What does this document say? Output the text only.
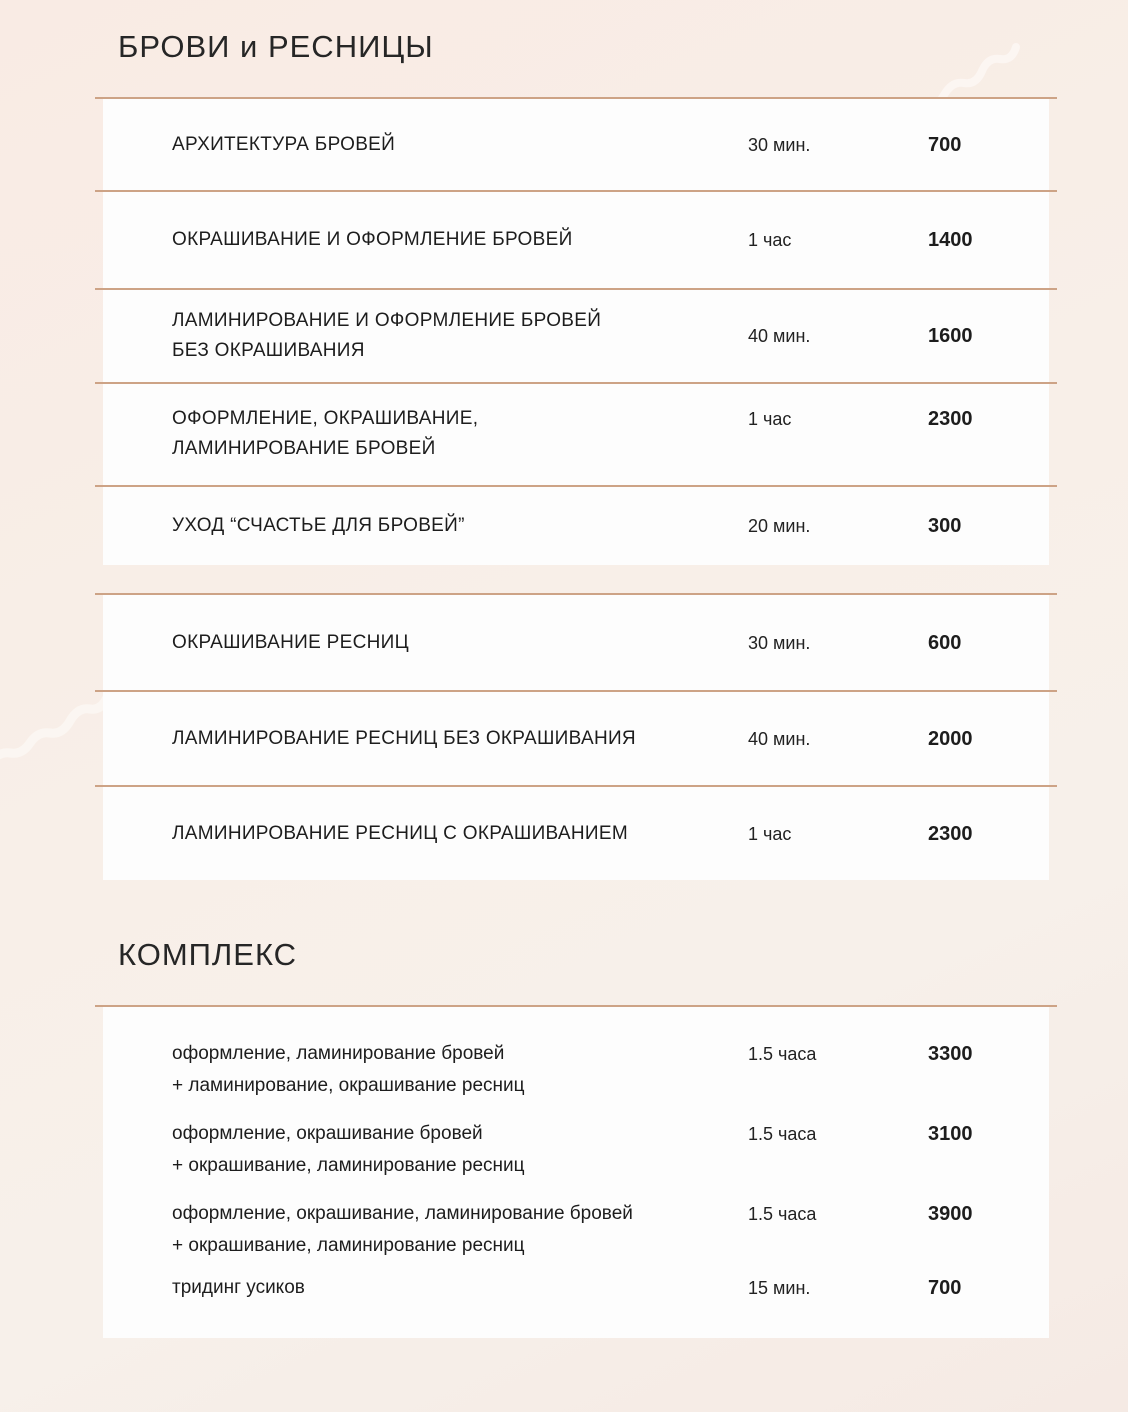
БРОВИ и РЕСНИЦЫ
АРХИТЕКТУРА БРОВЕЙ	30 мин.	700
ОКРАШИВАНИЕ И ОФОРМЛЕНИЕ БРОВЕЙ	1 час	1400
ЛАМИНИРОВАНИЕ И ОФОРМЛЕНИЕ БРОВЕЙ
БЕЗ ОКРАШИВАНИЯ
40 мин.	1600
ОФОРМЛЕНИЕ, ОКРАШИВАНИЕ,
ЛАМИНИРОВАНИЕ БРОВЕЙ
1 час	2300
УХОД “СЧАСТЬЕ ДЛЯ БРОВЕЙ”	20 мин.	300
ОКРАШИВАНИЕ РЕСНИЦ	30 мин.	600
ЛАМИНИРОВАНИЕ РЕСНИЦ БЕЗ ОКРАШИВАНИЯ	40 мин.	2000
ЛАМИНИРОВАНИЕ РЕСНИЦ С ОКРАШИВАНИЕМ	1 час	2300
КОМПЛЕКС
оформление, ламинирование бровей
+ ламинирование, окрашивание ресниц
1.5 часа	3300
оформление, окрашивание бровей
+ окрашивание, ламинирование ресниц
1.5 часа	3100
оформление, окрашивание, ламинирование бровей
+ окрашивание, ламинирование ресниц
1.5 часа	3900
тридинг усиков	15 мин.	700
